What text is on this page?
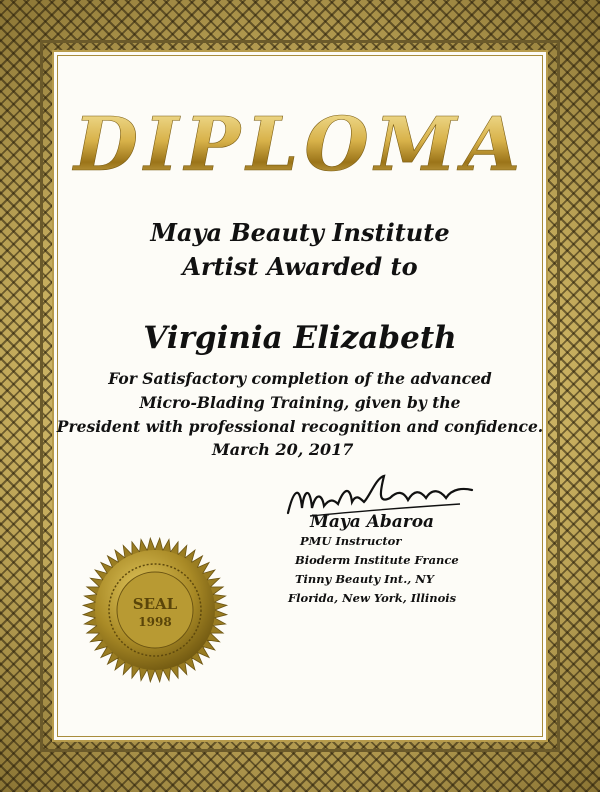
DIPLOMA
Maya Beauty Institute
Artist Awarded to
Virginia Elizabeth
For Satisfactory completion of the advanced
Micro-Blading Training, given by the
President with professional recognition and confidence.
March 20, 2017
Maya Abaroa
PMU Instructor
Bioderm Institute France
Tinny Beauty Int., NY
Florida, New York, Illinois
SEAL
1998
